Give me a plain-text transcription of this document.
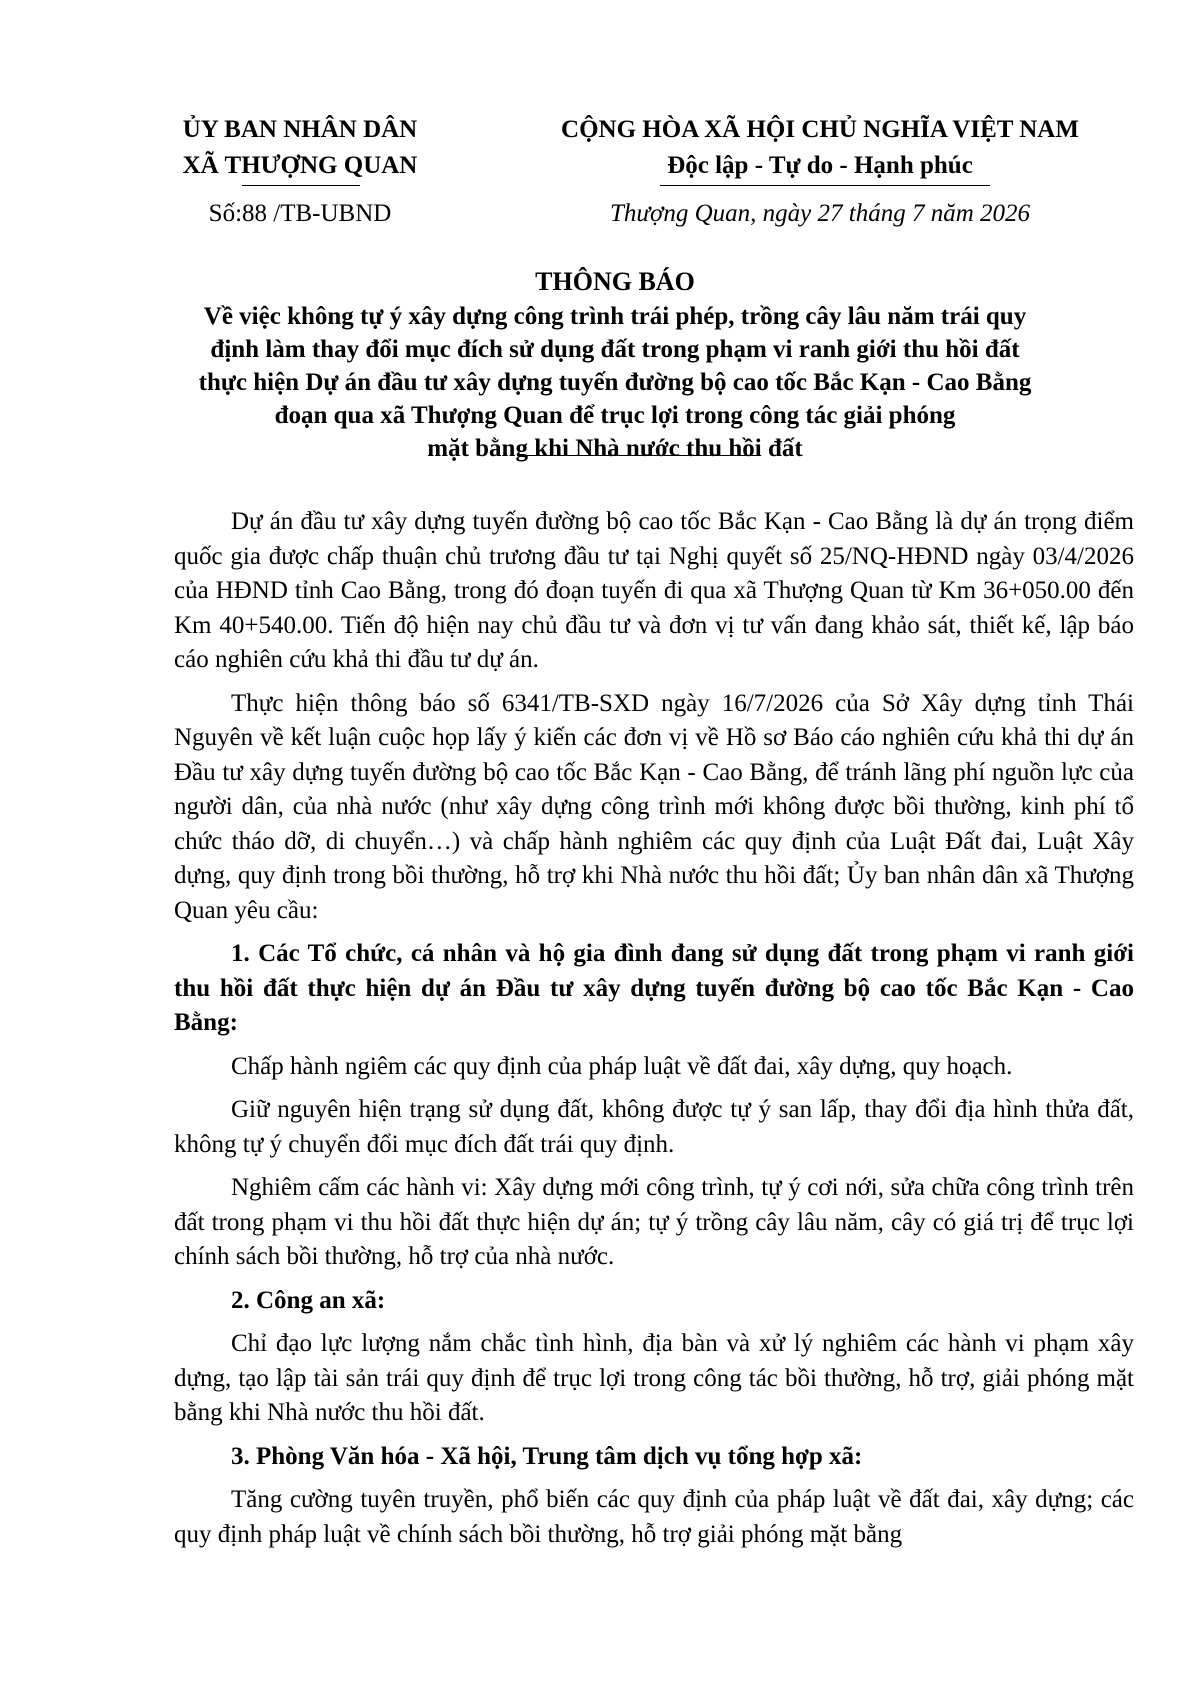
ỦY BAN NHÂN DÂN
XÃ THƯỢNG QUAN
CỘNG HÒA XÃ HỘI CHỦ NGHĨA VIỆT NAM
Độc lập - Tự do - Hạnh phúc
Số:88 /TB-UBND	Thượng Quan, ngày 27 tháng 7 năm 2026
THÔNG BÁO
Về việc không tự ý xây dựng công trình trái phép, trồng cây lâu năm trái quy
định làm thay đổi mục đích sử dụng đất trong phạm vi ranh giới thu hồi đất
thực hiện Dự án đầu tư xây dựng tuyến đường bộ cao tốc Bắc Kạn - Cao Bằng
đoạn qua xã Thượng Quan để trục lợi trong công tác giải phóng
mặt bằng khi Nhà nước thu hồi đất

Dự án đầu tư xây dựng tuyến đường bộ cao tốc Bắc Kạn - Cao Bằng là dự án trọng điểm quốc gia được chấp thuận chủ trương đầu tư tại Nghị quyết số 25/NQ-HĐND ngày 03/4/2026 của HĐND tỉnh Cao Bằng, trong đó đoạn tuyến đi qua xã Thượng Quan từ Km 36+050.00 đến Km 40+540.00. Tiến độ hiện nay chủ đầu tư và đơn vị tư vấn đang khảo sát, thiết kế, lập báo cáo nghiên cứu khả thi đầu tư dự án.

Thực hiện thông báo số 6341/TB-SXD ngày 16/7/2026 của Sở Xây dựng tỉnh Thái Nguyên về kết luận cuộc họp lấy ý kiến các đơn vị về Hồ sơ Báo cáo nghiên cứu khả thi dự án Đầu tư xây dựng tuyến đường bộ cao tốc Bắc Kạn - Cao Bằng, để tránh lãng phí nguồn lực của người dân, của nhà nước (như xây dựng công trình mới không được bồi thường, kinh phí tổ chức tháo dỡ, di chuyển…) và chấp hành nghiêm các quy định của Luật Đất đai, Luật Xây dựng, quy định trong bồi thường, hỗ trợ khi Nhà nước thu hồi đất; Ủy ban nhân dân xã Thượng Quan yêu cầu:

1. Các Tổ chức, cá nhân và hộ gia đình đang sử dụng đất trong phạm vi ranh giới thu hồi đất thực hiện dự án Đầu tư xây dựng tuyến đường bộ cao tốc Bắc Kạn - Cao Bằng:

Chấp hành ngiêm các quy định của pháp luật về đất đai, xây dựng, quy hoạch.

Giữ nguyên hiện trạng sử dụng đất, không được tự ý san lấp, thay đổi địa hình thửa đất, không tự ý chuyển đổi mục đích đất trái quy định.

Nghiêm cấm các hành vi: Xây dựng mới công trình, tự ý cơi nới, sửa chữa công trình trên đất trong phạm vi thu hồi đất thực hiện dự án; tự ý trồng cây lâu năm, cây có giá trị để trục lợi chính sách bồi thường, hỗ trợ của nhà nước.

2. Công an xã:

Chỉ đạo lực lượng nắm chắc tình hình, địa bàn và xử lý nghiêm các hành vi phạm xây dựng, tạo lập tài sản trái quy định để trục lợi trong công tác bồi thường, hỗ trợ, giải phóng mặt bằng khi Nhà nước thu hồi đất.

3. Phòng Văn hóa - Xã hội, Trung tâm dịch vụ tổng hợp xã:

Tăng cường tuyên truyền, phổ biến các quy định của pháp luật về đất đai, xây dựng; các quy định pháp luật về chính sách bồi thường, hỗ trợ giải phóng mặt bằng
